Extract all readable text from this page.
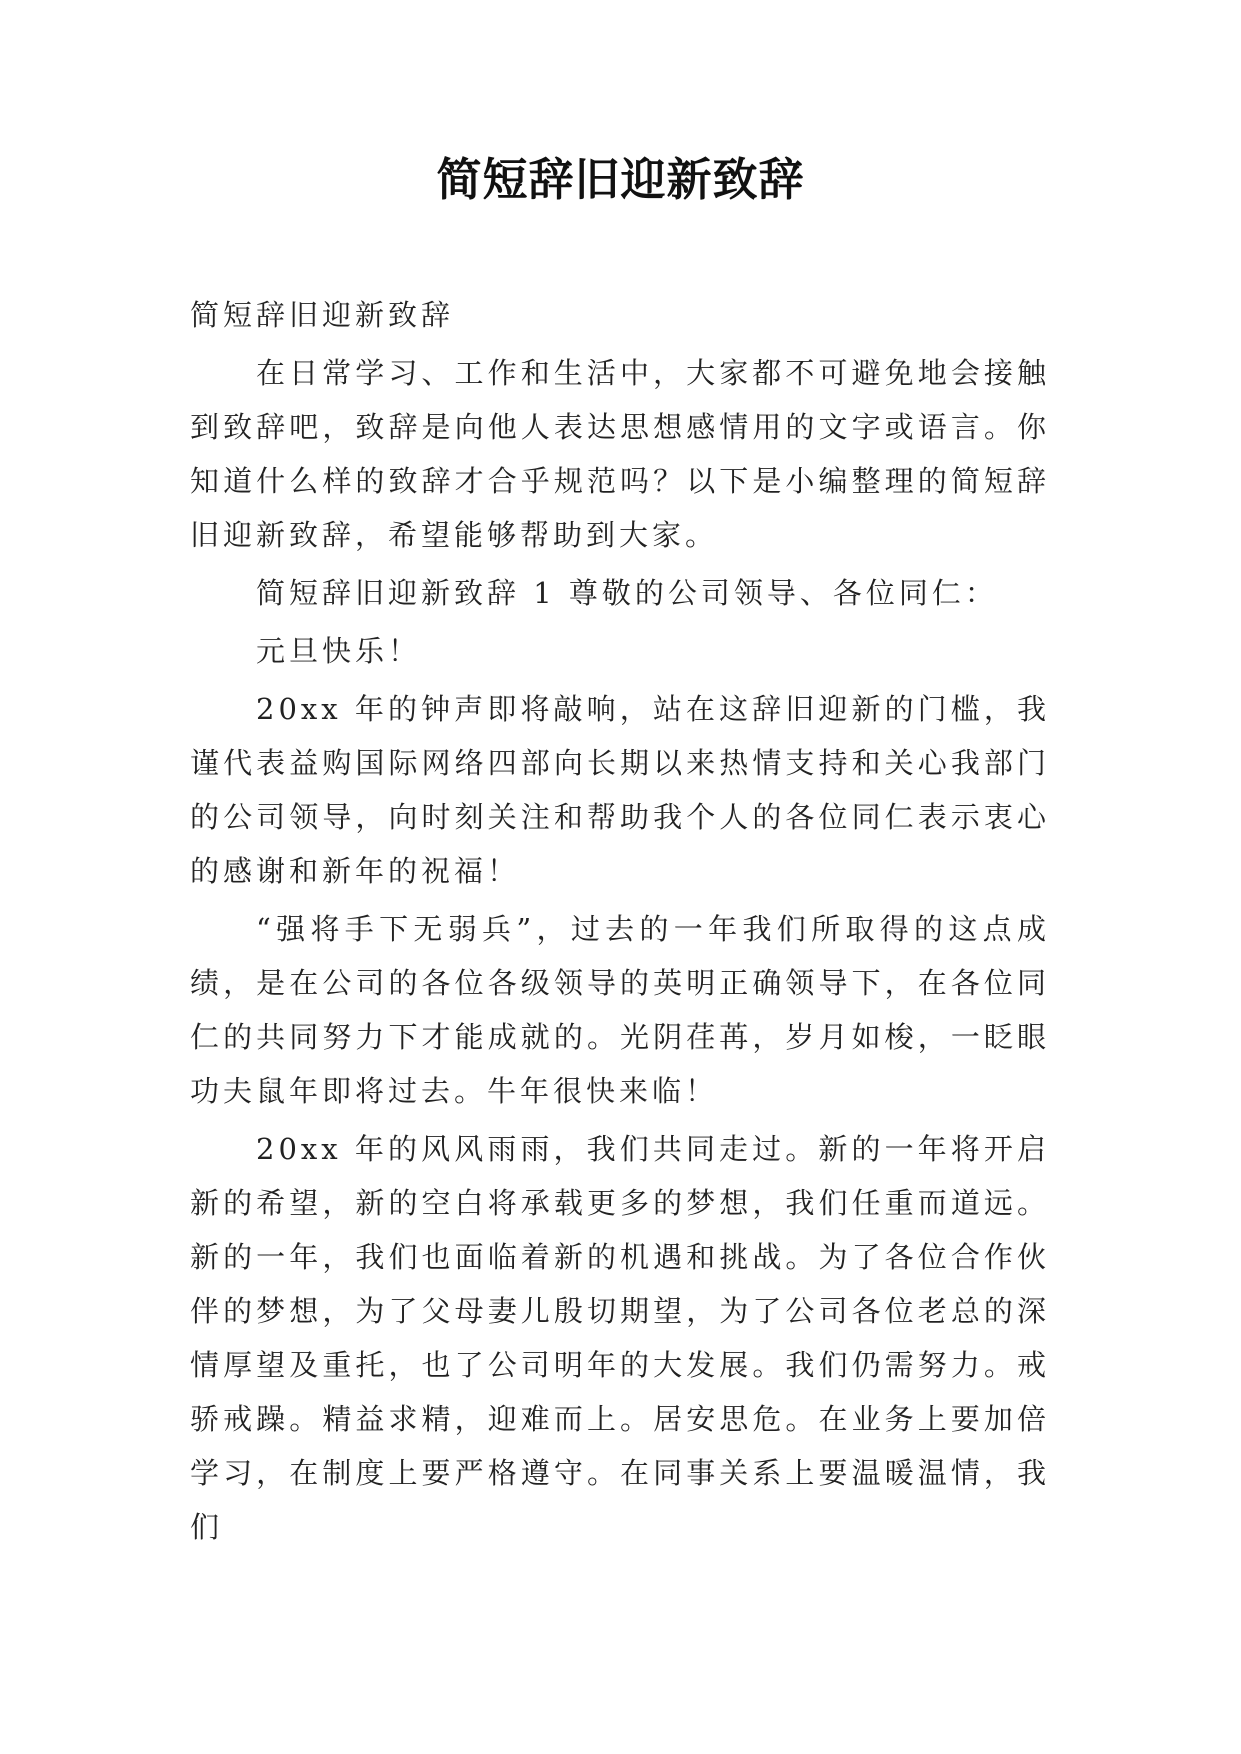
简短辞旧迎新致辞

简短辞旧迎新致辞

在日常学习、工作和生活中，大家都不可避免地会接触到致辞吧，致辞是向他人表达思想感情用的文字或语言。你知道什么样的致辞才合乎规范吗？以下是小编整理的简短辞旧迎新致辞，希望能够帮助到大家。

简短辞旧迎新致辞 1 尊敬的公司领导、各位同仁：

元旦快乐！

20xx 年的钟声即将敲响，站在这辞旧迎新的门槛，我谨代表益购国际网络四部向长期以来热情支持和关心我部门的公司领导，向时刻关注和帮助我个人的各位同仁表示衷心的感谢和新年的祝福！

“强将手下无弱兵”，过去的一年我们所取得的这点成绩，是在公司的各位各级领导的英明正确领导下，在各位同仁的共同努力下才能成就的。光阴荏苒，岁月如梭，一眨眼功夫鼠年即将过去。牛年很快来临！

20xx 年的风风雨雨，我们共同走过。新的一年将开启新的希望，新的空白将承载更多的梦想，我们任重而道远。新的一年，我们也面临着新的机遇和挑战。为了各位合作伙伴的梦想，为了父母妻儿殷切期望，为了公司各位老总的深情厚望及重托，也了公司明年的大发展。我们仍需努力。戒骄戒躁。精益求精，迎难而上。居安思危。在业务上要加倍学习，在制度上要严格遵守。在同事关系上要温暖温情，我们
